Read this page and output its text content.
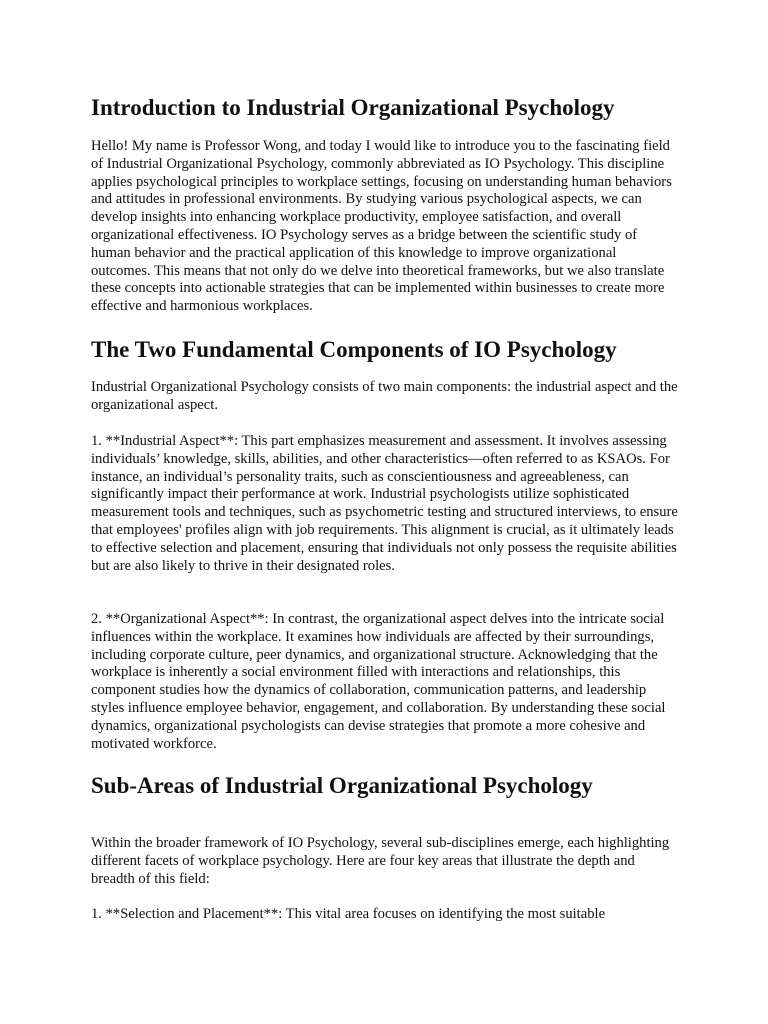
Introduction to Industrial Organizational Psychology

Hello! My name is Professor Wong, and today I would like to introduce you to the fascinating field of Industrial Organizational Psychology, commonly abbreviated as IO Psychology. This discipline applies psychological principles to workplace settings, focusing on understanding human behaviors and attitudes in professional environments. By studying various psychological aspects, we can develop insights into enhancing workplace productivity, employee satisfaction, and overall organizational effectiveness. IO Psychology serves as a bridge between the scientific study of human behavior and the practical application of this knowledge to improve organizational outcomes. This means that not only do we delve into theoretical frameworks, but we also translate these concepts into actionable strategies that can be implemented within businesses to create more effective and harmonious workplaces.

The Two Fundamental Components of IO Psychology

Industrial Organizational Psychology consists of two main components: the industrial aspect and the organizational aspect.

1. **Industrial Aspect**: This part emphasizes measurement and assessment. It involves assessing individuals’ knowledge, skills, abilities, and other characteristics—often referred to as KSAOs. For instance, an individual’s personality traits, such as conscientiousness and agreeableness, can significantly impact their performance at work. Industrial psychologists utilize sophisticated measurement tools and techniques, such as psychometric testing and structured interviews, to ensure that employees' profiles align with job requirements. This alignment is crucial, as it ultimately leads to effective selection and placement, ensuring that individuals not only possess the requisite abilities but are also likely to thrive in their designated roles.

2. **Organizational Aspect**: In contrast, the organizational aspect delves into the intricate social influences within the workplace. It examines how individuals are affected by their surroundings, including corporate culture, peer dynamics, and organizational structure. Acknowledging that the workplace is inherently a social environment filled with interactions and relationships, this component studies how the dynamics of collaboration, communication patterns, and leadership styles influence employee behavior, engagement, and collaboration. By understanding these social dynamics, organizational psychologists can devise strategies that promote a more cohesive and motivated workforce.

Sub-Areas of Industrial Organizational Psychology

Within the broader framework of IO Psychology, several sub-disciplines emerge, each highlighting different facets of workplace psychology. Here are four key areas that illustrate the depth and breadth of this field:

1. **Selection and Placement**: This vital area focuses on identifying the most suitable
